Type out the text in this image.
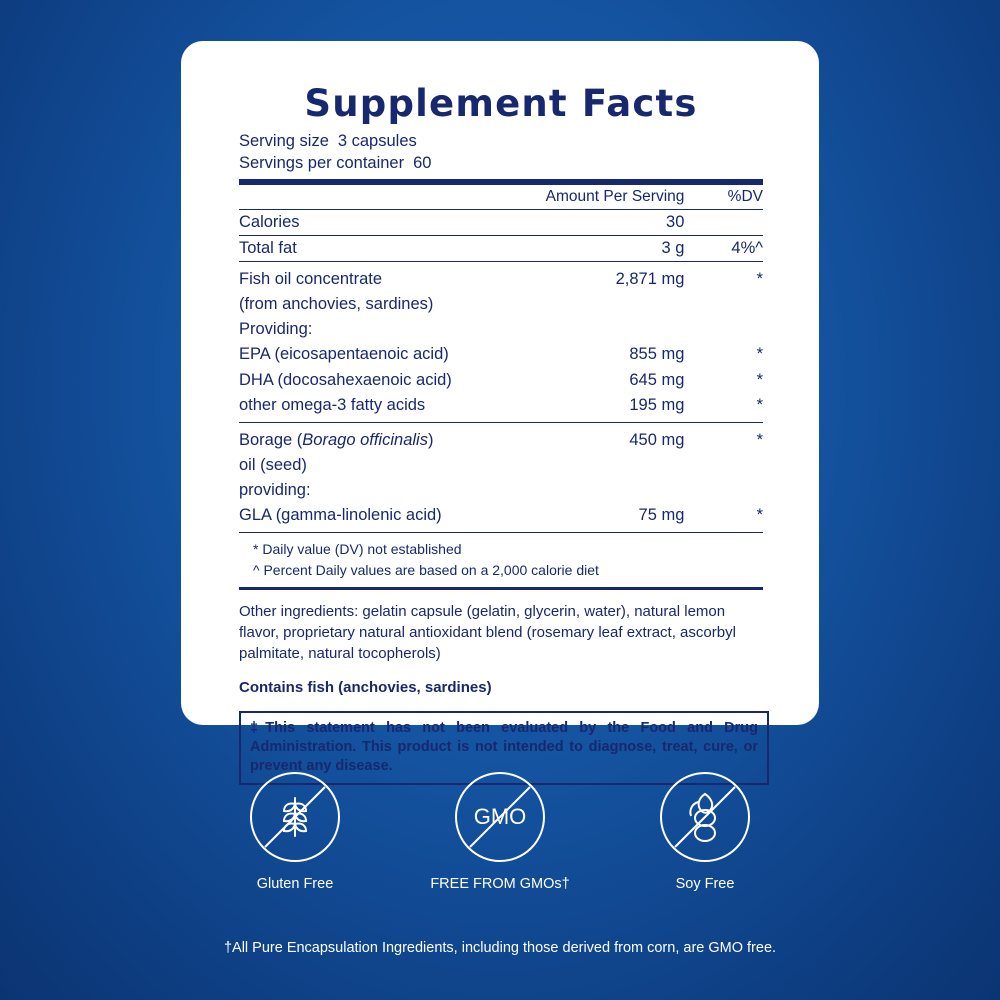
Supplement Facts

Serving size 3 capsules

Servings per container 60

	Amount Per Serving	%DV
Calories	30	
Total fat	3 g	4%^
Fish oil concentrate	2,871 mg	*
(from anchovies, sardines)		
Providing:		
EPA (eicosapentaenoic acid)	855 mg	*
DHA (docosahexaenoic acid)	645 mg	*
other omega-3 fatty acids	195 mg	*
Borage (Borago officinalis)	450 mg	*
oil (seed)		
providing:		
GLA (gamma-linolenic acid)	75 mg	*
* Daily value (DV) not established
^ Percent Daily values are based on a 2,000 calorie diet

Other ingredients: gelatin capsule (gelatin, glycerin, water), natural lemon flavor, proprietary natural antioxidant blend (rosemary leaf extract, ascorbyl palmitate, natural tocopherols)

Contains fish (anchovies, sardines)

‡This statement has not been evaluated by the Food and Drug Administration. This product is not intended to diagnose, treat, cure, or prevent any disease.
Gluten Free
GMO
FREE FROM GMOs†	Soy Free
†All Pure Encapsulation Ingredients, including those derived from corn, are GMO free.
